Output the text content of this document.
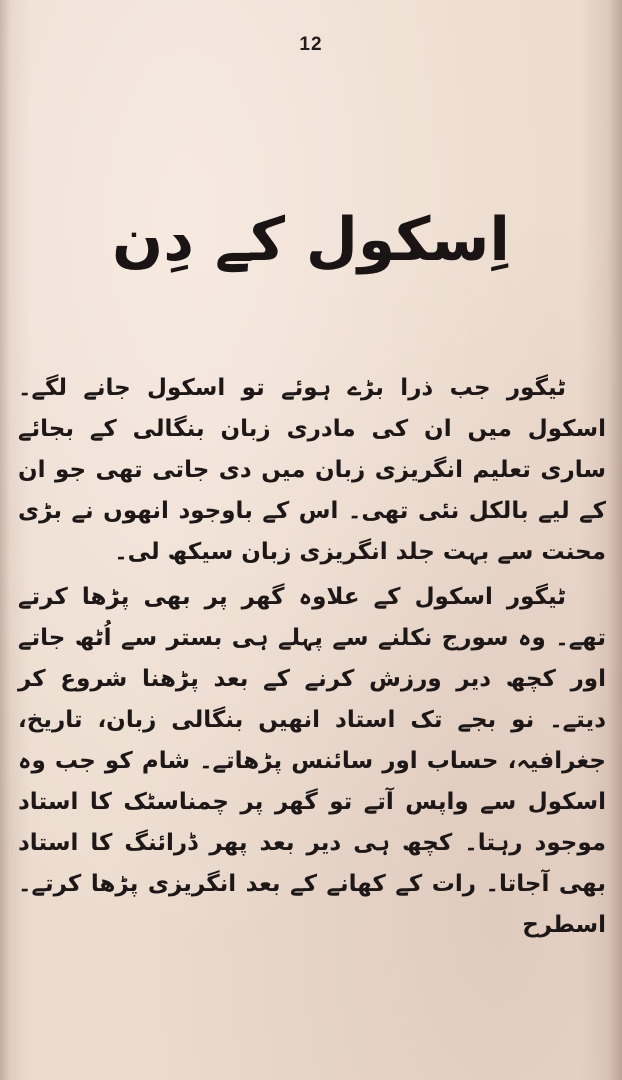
12
اِسکول کے دِن

ٹیگور جب ذرا بڑے ہوئے تو اسکول جانے لگے۔ اسکول میں ان کی مادری زبان بنگالی کے بجائے ساری تعلیم انگریزی زبان میں دی جاتی تھی جو ان کے لیے بالکل نئی تھی۔ اس کے باوجود انھوں نے بڑی محنت سے بہت جلد انگریزی زبان سیکھ لی۔

ٹیگور اسکول کے علاوہ گھر پر بھی پڑھا کرتے تھے۔ وہ سورج نکلنے سے پہلے ہی بستر سے اُٹھ جاتے اور کچھ دیر ورزش کرنے کے بعد پڑھنا شروع کر دیتے۔ نو بجے تک استاد انھیں بنگالی زبان، تاریخ، جغرافیہ، حساب اور سائنس پڑھاتے۔ شام کو جب وہ اسکول سے واپس آتے تو گھر پر چمناسٹک کا استاد موجود رہتا۔ کچھ ہی دیر بعد پھر ڈرائنگ کا استاد بھی آجاتا۔ رات کے کھانے کے بعد انگریزی پڑھا کرتے۔ اسطرح
